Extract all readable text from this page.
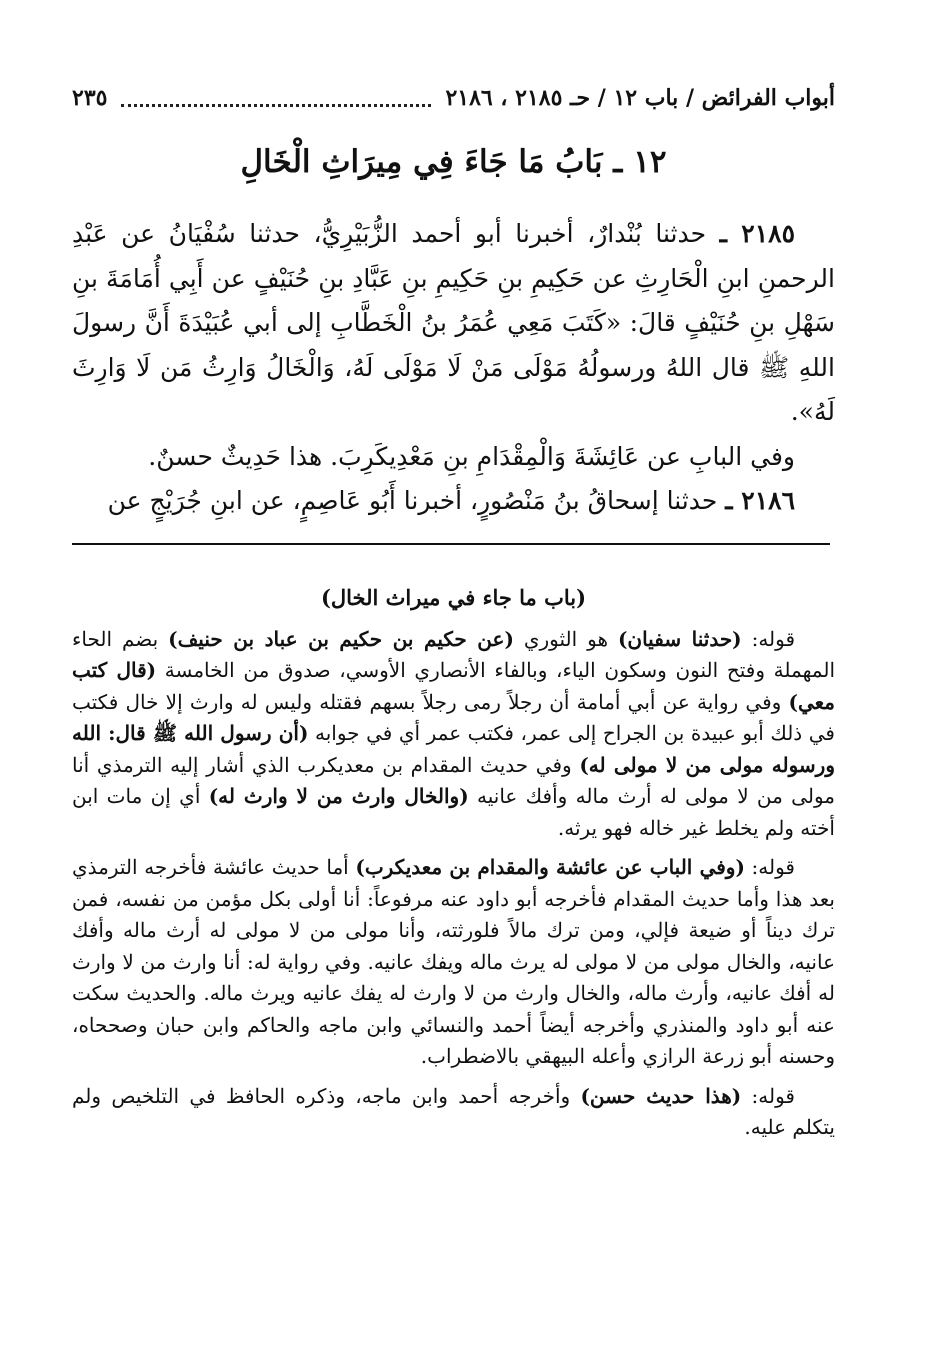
أبواب الفرائض / باب ١٢ / حـ ٢١٨٥ ، ٢١٨٦
٢٣٥
١٢ ـ بَابُ مَا جَاءَ فِي مِيرَاثِ الْخَالِ

٢١٨٥ ـ حدثنا بُنْدارٌ، أخبرنا أبو أحمد الزُّبَيْرِيُّ، حدثنا سُفْيَانُ عن عَبْدِ الرحمنِ ابنِ الْحَارِثِ عن حَكِيمِ بنِ حَكِيمِ بنِ عَبَّادِ بنِ حُنَيْفٍ عن أَبِي أُمَامَةَ بنِ سَهْلِ بنِ حُنَيْفٍ قالَ: «كَتَبَ مَعِي عُمَرُ بنُ الْخَطَّابِ إلى أبي عُبَيْدَةَ أَنَّ رسولَ اللهِ ﷺ قال اللهُ ورسولُهُ مَوْلَى مَنْ لَا مَوْلَى لَهُ، وَالْخَالُ وَارِثُ مَن لَا وَارِثَ لَهُ».

وفي البابِ عن عَائِشَةَ وَالْمِقْدَامِ بنِ مَعْدِيكَرِبَ. هذا حَدِيثٌ حسنٌ.

٢١٨٦ ـ حدثنا إسحاقُ بنُ مَنْصُورٍ، أخبرنا أَبُو عَاصِمٍ، عن ابنِ جُرَيْجٍ عن

(باب ما جاء في ميراث الخال)

قوله: (حدثنا سفيان) هو الثوري (عن حكيم بن حكيم بن عباد بن حنيف) بضم الحاء المهملة وفتح النون وسكون الياء، وبالفاء الأنصاري الأوسي، صدوق من الخامسة (قال كتب معي) وفي رواية عن أبي أمامة أن رجلاً رمى رجلاً بسهم فقتله وليس له وارث إلا خال فكتب في ذلك أبو عبيدة بن الجراح إلى عمر، فكتب عمر أي في جوابه (أن رسول الله ﷺ قال: الله ورسوله مولى من لا مولى له) وفي حديث المقدام بن معديكرب الذي أشار إليه الترمذي أنا مولى من لا مولى له أرث ماله وأفك عانيه (والخال وارث من لا وارث له) أي إن مات ابن أخته ولم يخلط غير خاله فهو يرثه.

قوله: (وفي الباب عن عائشة والمقدام بن معديكرب) أما حديث عائشة فأخرجه الترمذي بعد هذا وأما حديث المقدام فأخرجه أبو داود عنه مرفوعاً: أنا أولى بكل مؤمن من نفسه، فمن ترك ديناً أو ضيعة فإلي، ومن ترك مالاً فلورثته، وأنا مولى من لا مولى له أرث ماله وأفك عانيه، والخال مولى من لا مولى له يرث ماله ويفك عانيه. وفي رواية له: أنا وارث من لا وارث له أفك عانيه، وأرث ماله، والخال وارث من لا وارث له يفك عانيه ويرث ماله. والحديث سكت عنه أبو داود والمنذري وأخرجه أيضاً أحمد والنسائي وابن ماجه والحاكم وابن حبان وصححاه، وحسنه أبو زرعة الرازي وأعله البيهقي بالاضطراب.

قوله: (هذا حديث حسن) وأخرجه أحمد وابن ماجه، وذكره الحافظ في التلخيص ولم يتكلم عليه.
